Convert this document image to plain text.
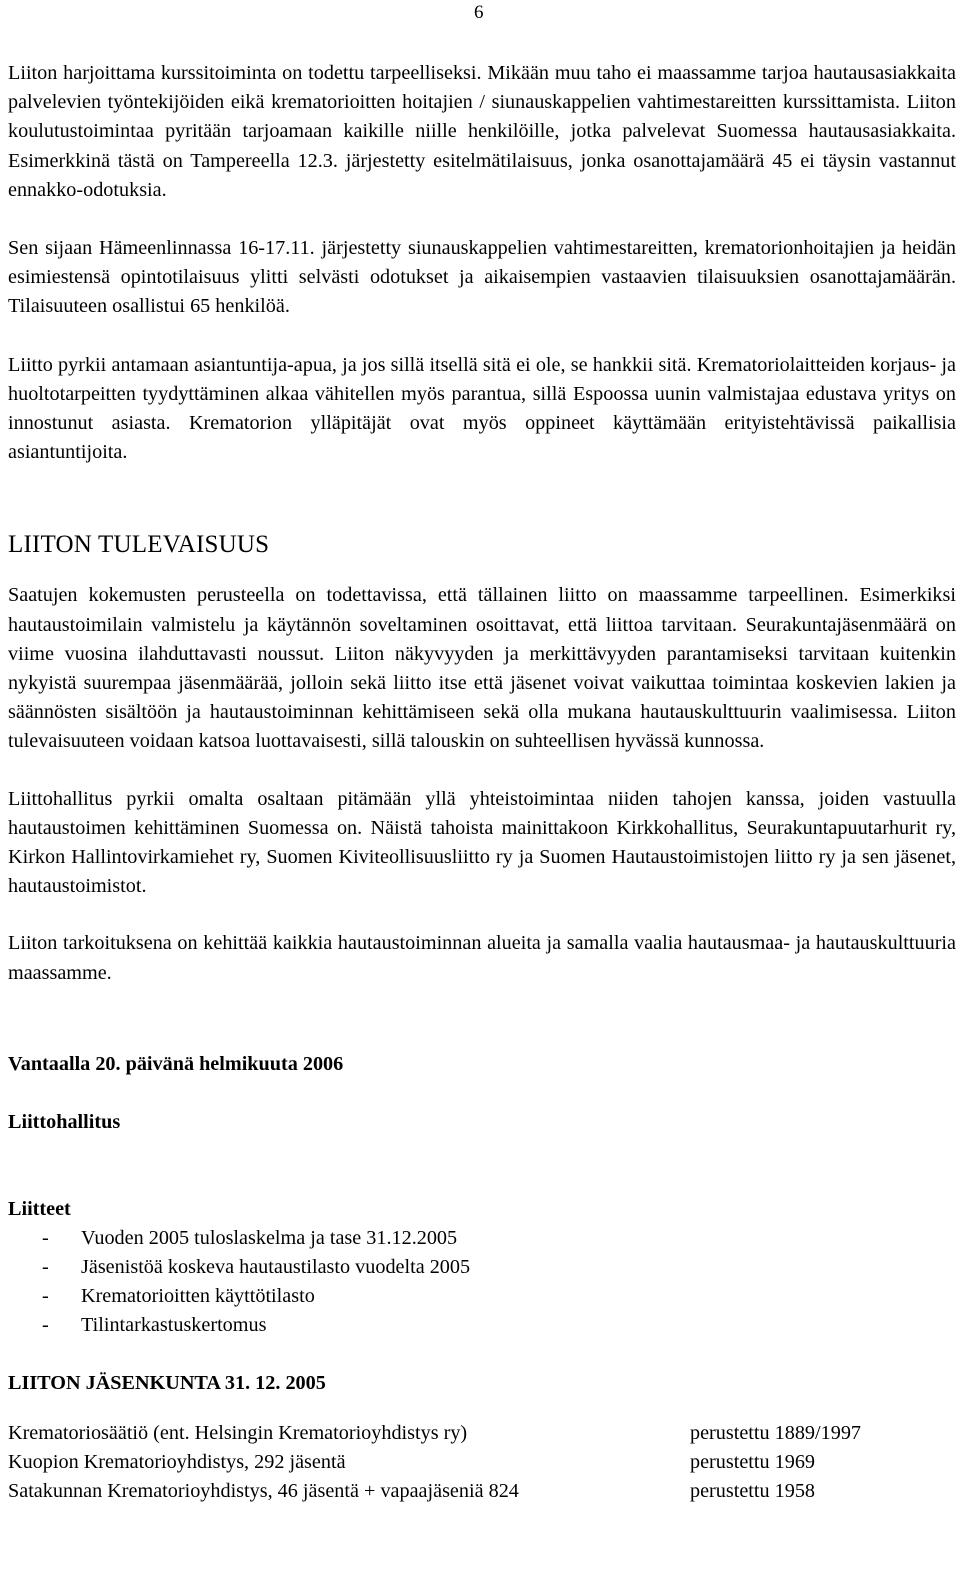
6

Liiton harjoittama kurssitoiminta on todettu tarpeelliseksi. Mikään muu taho ei maassamme tarjoa hautausasiakkaita palvelevien työntekijöiden eikä krematorioitten hoitajien / siunauskappelien vahtimestareitten kurssittamista. Liiton koulutustoimintaa pyritään tarjoamaan kaikille niille henkilöille, jotka palvelevat Suomessa hautausasiakkaita. Esimerkkinä tästä on Tampereella 12.3. järjestetty esitelmätilaisuus, jonka osanottajamäärä 45 ei täysin vastannut ennakko-odotuksia.

Sen sijaan Hämeenlinnassa 16-17.11. järjestetty siunauskappelien vahtimestareitten, krematorionhoitajien ja heidän esimiestensä opintotilaisuus ylitti selvästi odotukset ja aikaisempien vastaavien tilaisuuksien osanottajamäärän. Tilaisuuteen osallistui 65 henkilöä.

Liitto pyrkii antamaan asiantuntija-apua, ja jos sillä itsellä sitä ei ole, se hankkii sitä. Krematoriolaitteiden korjaus- ja huoltotarpeitten tyydyttäminen alkaa vähitellen myös parantua, sillä Espoossa uunin valmistajaa edustava yritys on innostunut asiasta. Krematorion ylläpitäjät ovat myös oppineet käyttämään erityistehtävissä paikallisia asiantuntijoita.

LIITON TULEVAISUUS

Saatujen kokemusten perusteella on todettavissa, että tällainen liitto on maassamme tarpeellinen. Esimerkiksi hautaustoimilain valmistelu ja käytännön soveltaminen osoittavat, että liittoa tarvitaan. Seurakuntajäsenmäärä on viime vuosina ilahduttavasti noussut. Liiton näkyvyyden ja merkittävyyden parantamiseksi tarvitaan kuitenkin nykyistä suurempaa jäsenmäärää, jolloin sekä liitto itse että jäsenet voivat vaikuttaa toimintaa koskevien lakien ja säännösten sisältöön ja hautaustoiminnan kehittämiseen sekä olla mukana hautauskulttuurin vaalimisessa. Liiton tulevaisuuteen voidaan katsoa luottavaisesti, sillä talouskin on suhteellisen hyvässä kunnossa.

Liittohallitus pyrkii omalta osaltaan pitämään yllä yhteistoimintaa niiden tahojen kanssa, joiden vastuulla hautaustoimen kehittäminen Suomessa on. Näistä tahoista mainittakoon Kirkkohallitus, Seurakuntapuutarhurit ry, Kirkon Hallintovirkamiehet ry, Suomen Kiviteollisuusliitto ry ja Suomen Hautaustoimistojen liitto ry ja sen jäsenet, hautaustoimistot.

Liiton tarkoituksena on kehittää kaikkia hautaustoiminnan alueita ja samalla vaalia hautausmaa- ja hautauskulttuuria maassamme.

Vantaalla 20. päivänä helmikuuta 2006

Liittohallitus

Liitteet

- Vuoden 2005 tuloslaskelma ja tase 31.12.2005
- Jäsenistöä koskeva hautaustilasto vuodelta 2005
- Krematorioitten käyttötilasto
- Tilintarkastuskertomus

LIITON JÄSENKUNTA 31. 12. 2005

Krematoriosäätiö (ent. Helsingin Krematorioyhdistys ry)	perustettu 1889/1997
Kuopion Krematorioyhdistys, 292 jäsentä	perustettu 1969
Satakunnan Krematorioyhdistys, 46 jäsentä + vapaajäseniä 824	perustettu 1958
